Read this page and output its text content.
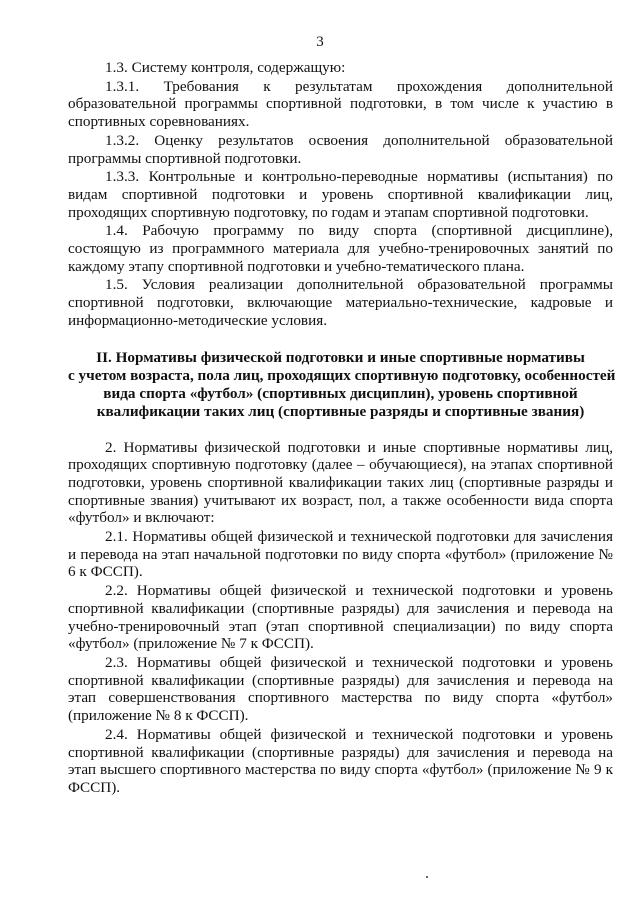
3

1.3. Систему контроля, содержащую:

1.3.1. Требования к результатам прохождения дополнительной образовательной программы спортивной подготовки, в том числе к участию в спортивных соревнованиях.

1.3.2. Оценку результатов освоения дополнительной образовательной программы спортивной подготовки.

1.3.3. Контрольные и контрольно-переводные нормативы (испытания) по видам спортивной подготовки и уровень спортивной квалификации лиц, проходящих спортивную подготовку, по годам и этапам спортивной подготовки.

1.4. Рабочую программу по виду спорта (спортивной дисциплине), состоящую из программного материала для учебно-тренировочных занятий по каждому этапу спортивной подготовки и учебно-тематического плана.

1.5. Условия реализации дополнительной образовательной программы спортивной подготовки, включающие материально-технические, кадровые и информационно-методические условия.

II. Нормативы физической подготовки и иные спортивные нормативы
с учетом возраста, пола лиц, проходящих спортивную подготовку, особенностей
вида спорта «футбол» (спортивных дисциплин), уровень спортивной
квалификации таких лиц (спортивные разряды и спортивные звания)

2. Нормативы физической подготовки и иные спортивные нормативы лиц, проходящих спортивную подготовку (далее – обучающиеся), на этапах спортивной подготовки, уровень спортивной квалификации таких лиц (спортивные разряды и спортивные звания) учитывают их возраст, пол, а также особенности вида спорта «футбол» и включают:

2.1. Нормативы общей физической и технической подготовки для зачисления и перевода на этап начальной подготовки по виду спорта «футбол» (приложение № 6 к ФССП).

2.2. Нормативы общей физической и технической подготовки и уровень спортивной квалификации (спортивные разряды) для зачисления и перевода на учебно-тренировочный этап (этап спортивной специализации) по виду спорта «футбол» (приложение № 7 к ФССП).

2.3. Нормативы общей физической и технической подготовки и уровень спортивной квалификации (спортивные разряды) для зачисления и перевода на этап совершенствования спортивного мастерства по виду спорта «футбол» (приложение № 8 к ФССП).

2.4. Нормативы общей физической и технической подготовки и уровень спортивной квалификации (спортивные разряды) для зачисления и перевода на этап высшего спортивного мастерства по виду спорта «футбол» (приложение № 9 к ФССП).
